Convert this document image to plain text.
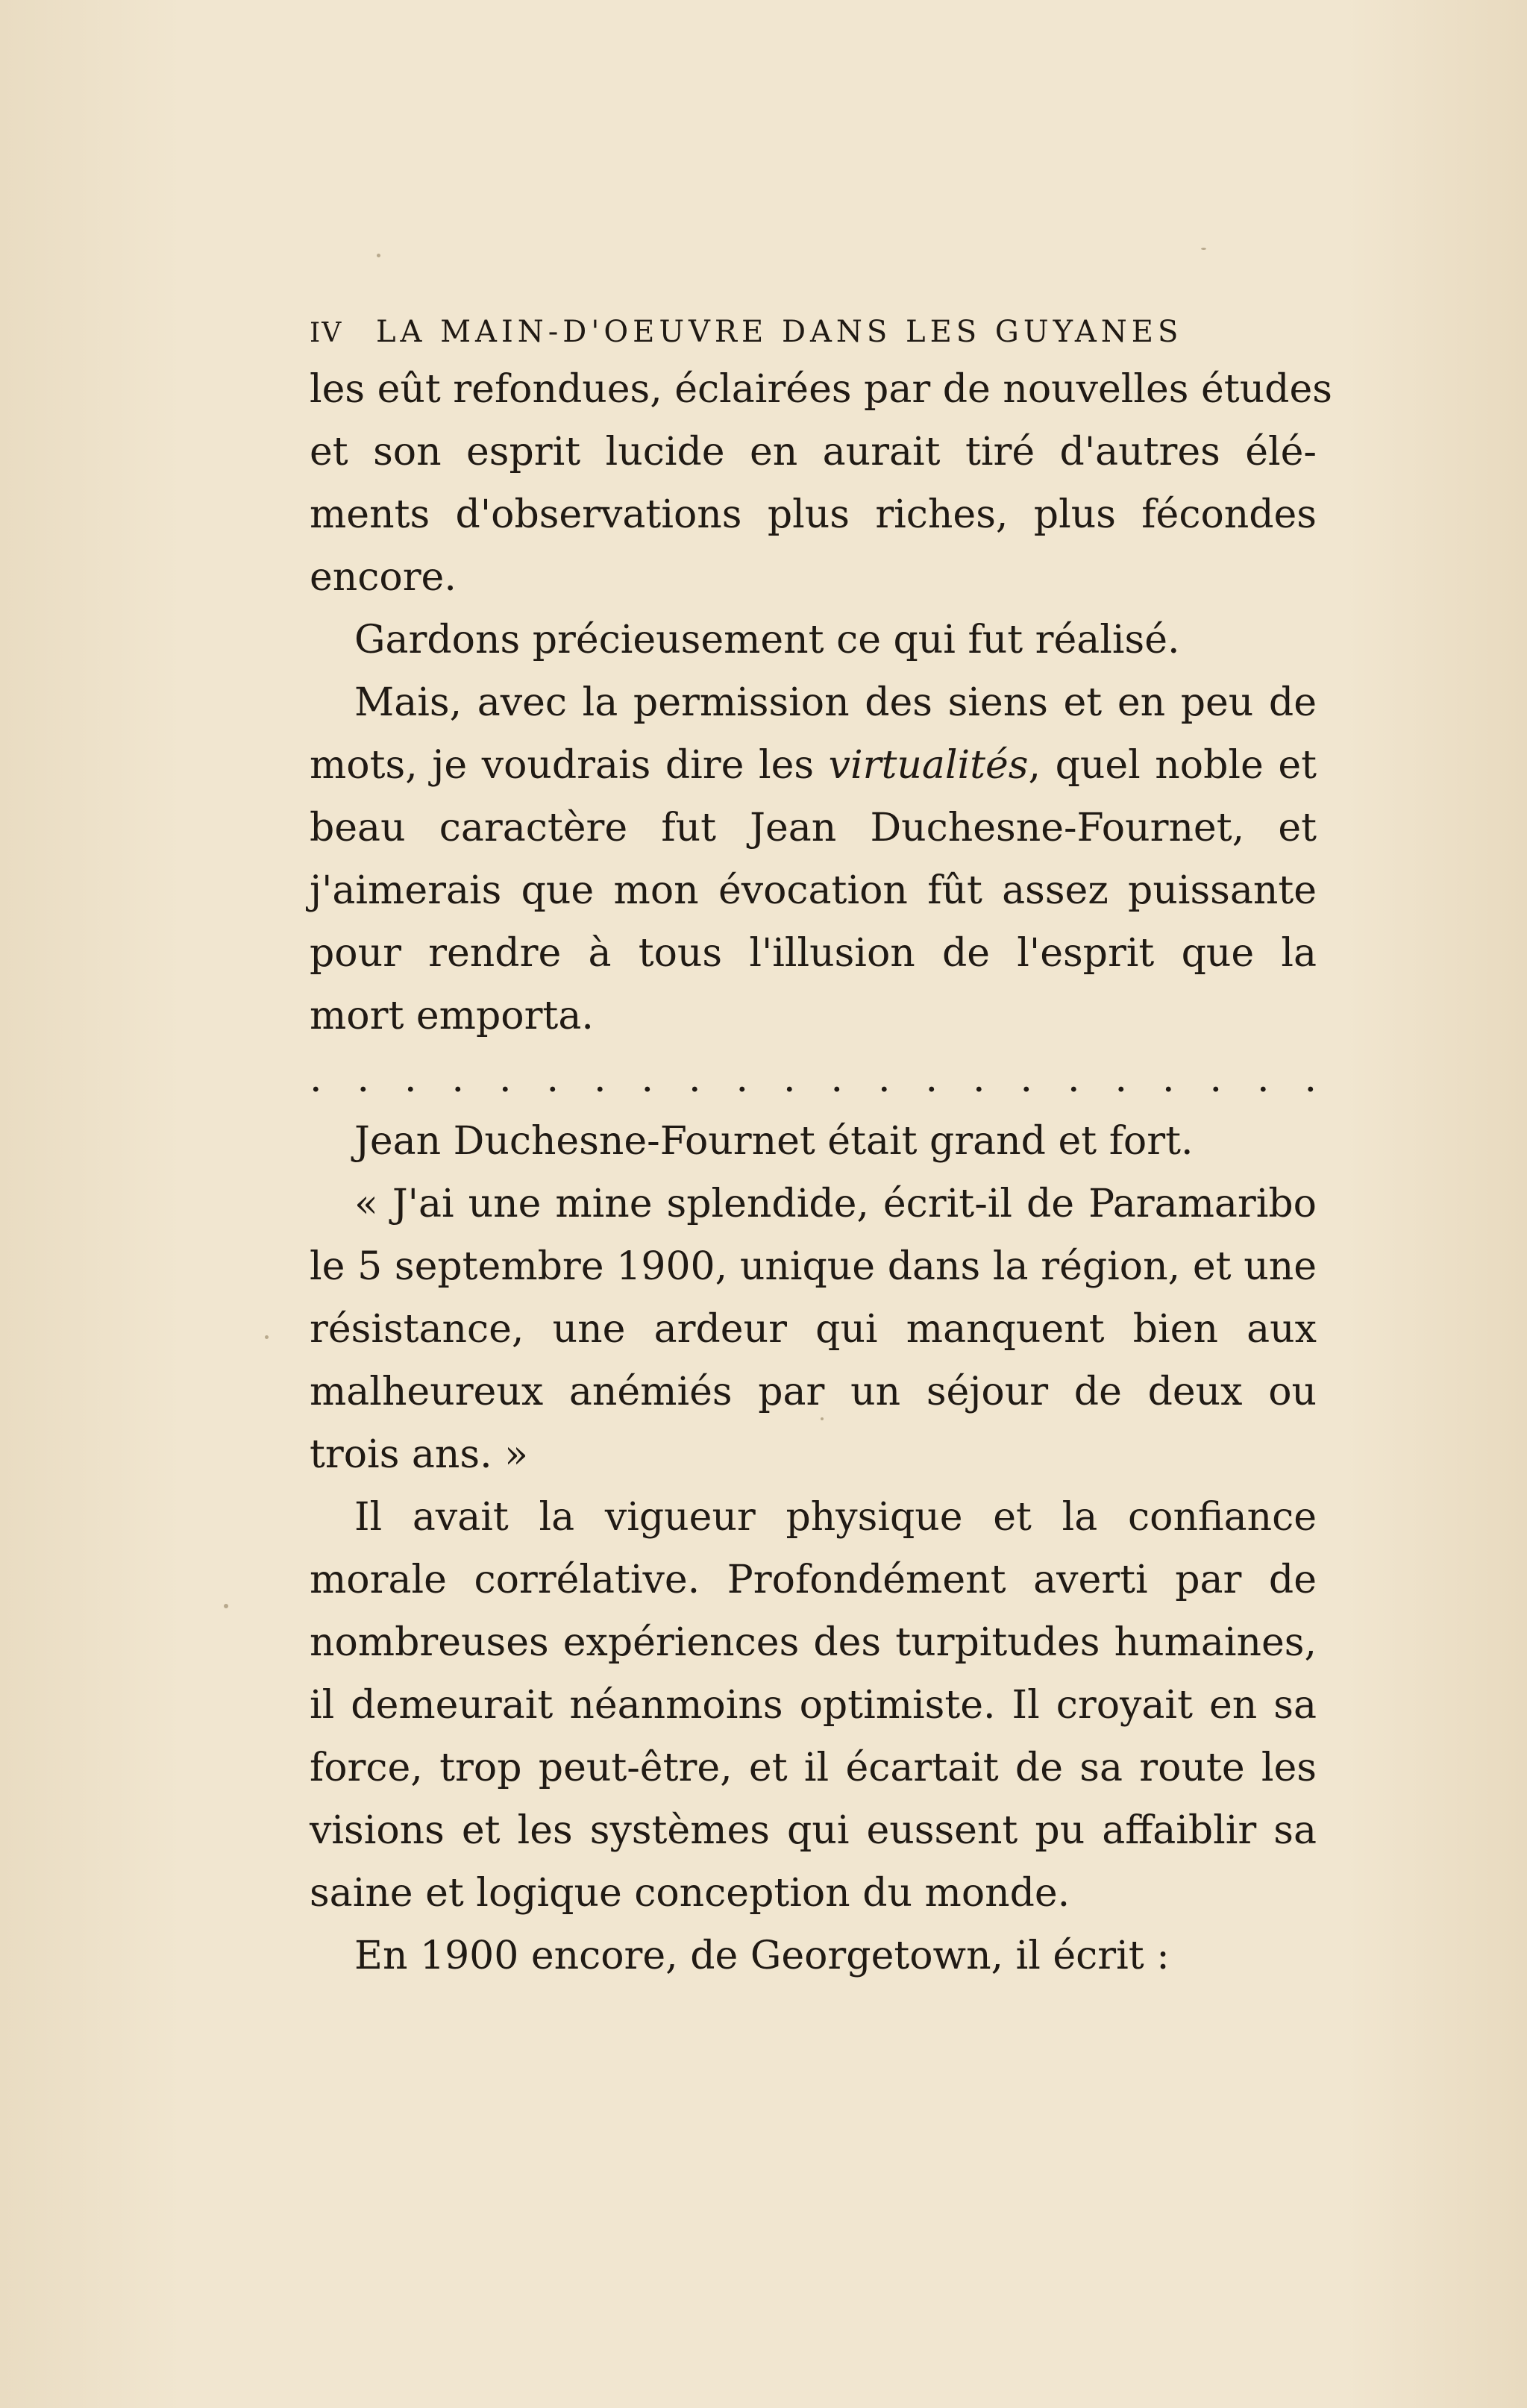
IV LA MAIN-D'OEUVRE DANS LES GUYANES
les eût refondues, éclairées par de nouvelles études
et son esprit lucide en aurait tiré d'autres élé-
ments d'observations plus riches, plus fécondes
encore.
Gardons précieusement ce qui fut réalisé.
Mais, avec la permission des siens et en peu de
mots, je voudrais dire les virtualités, quel noble et
beau caractère fut Jean Duchesne-Fournet, et
j'aimerais que mon évocation fût assez puissante
pour rendre à tous l'illusion de l'esprit que la
mort emporta.
. . . . . . . . . . . . . . . . . . . . . .
Jean Duchesne-Fournet était grand et fort.
« J'ai une mine splendide, écrit-il de Paramaribo
le 5 septembre 1900, unique dans la région, et une
résistance, une ardeur qui manquent bien aux
malheureux anémiés par un séjour de deux ou
trois ans. »
Il avait la vigueur physique et la confiance
morale corrélative. Profondément averti par de
nombreuses expériences des turpitudes humaines,
il demeurait néanmoins optimiste. Il croyait en sa
force, trop peut-être, et il écartait de sa route les
visions et les systèmes qui eussent pu affaiblir sa
saine et logique conception du monde.
En 1900 encore, de Georgetown, il écrit :
